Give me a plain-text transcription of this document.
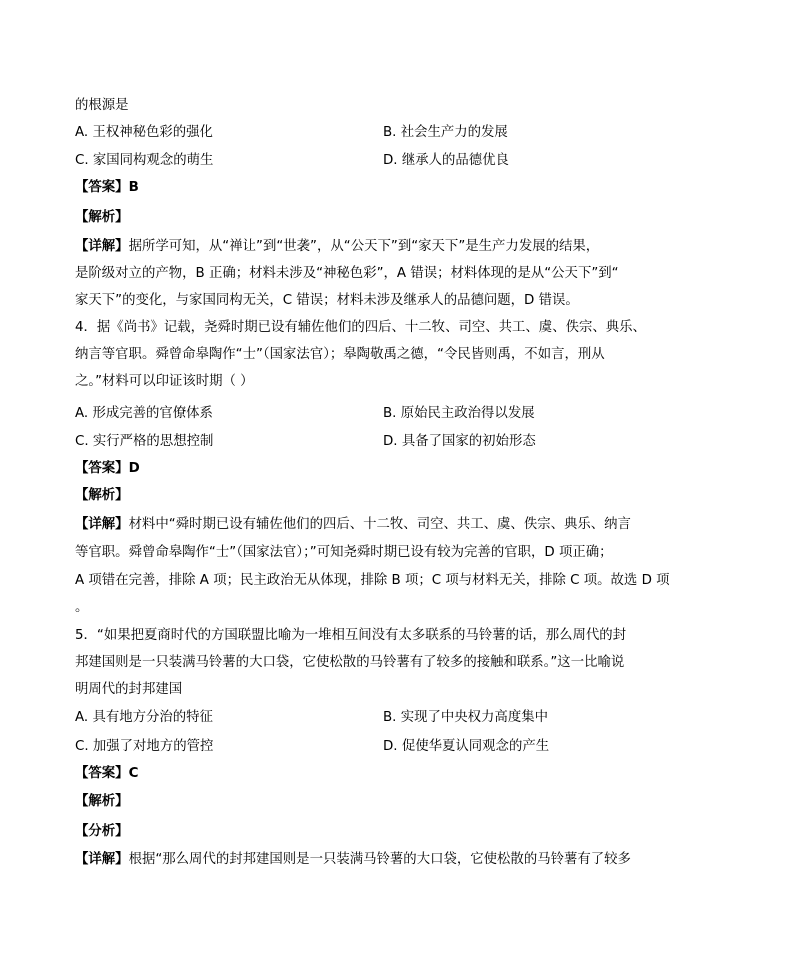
的根源是
A. 王权神秘色彩的强化	B. 社会生产力的发展
C. 家国同构观念的萌生	D. 继承人的品德优良
【答案】B
【解析】
【详解】据所学可知，从“禅让”到“世袭”，从“公天下”到“家天下”是生产力发展的结果，
是阶级对立的产物，B 正确；材料未涉及“神秘色彩”，A 错误；材料体现的是从“公天下”到“
家天下”的变化，与家国同构无关，C 错误；材料未涉及继承人的品德问题，D 错误。
4．据《尚书》记载，尧舜时期已设有辅佐他们的四后、十二牧、司空、共工、虞、佚宗、典乐、
纳言等官职。舜曾命皋陶作“士”（国家法官）；皋陶敬禹之德，“令民皆则禹，不如言，刑从
之。”材料可以印证该时期（ ）
A. 形成完善的官僚体系	B. 原始民主政治得以发展
C. 实行严格的思想控制	D. 具备了国家的初始形态
【答案】D
【解析】
【详解】材料中“舜时期已设有辅佐他们的四后、十二牧、司空、共工、虞、佚宗、典乐、纳言
等官职。舜曾命皋陶作“士”（国家法官）；”可知尧舜时期已设有较为完善的官职，D 项正确；
A 项错在完善，排除 A 项；民主政治无从体现，排除 B 项；C 项与材料无关，排除 C 项。故选 D 项
。
5．“如果把夏商时代的方国联盟比喻为一堆相互间没有太多联系的马铃薯的话，那么周代的封
邦建国则是一只装满马铃薯的大口袋，它使松散的马铃薯有了较多的接触和联系。”这一比喻说
明周代的封邦建国
A. 具有地方分治的特征	B. 实现了中央权力高度集中
C. 加强了对地方的管控	D. 促使华夏认同观念的产生
【答案】C
【解析】
【分析】
【详解】根据“那么周代的封邦建国则是一只装满马铃薯的大口袋，它使松散的马铃薯有了较多
